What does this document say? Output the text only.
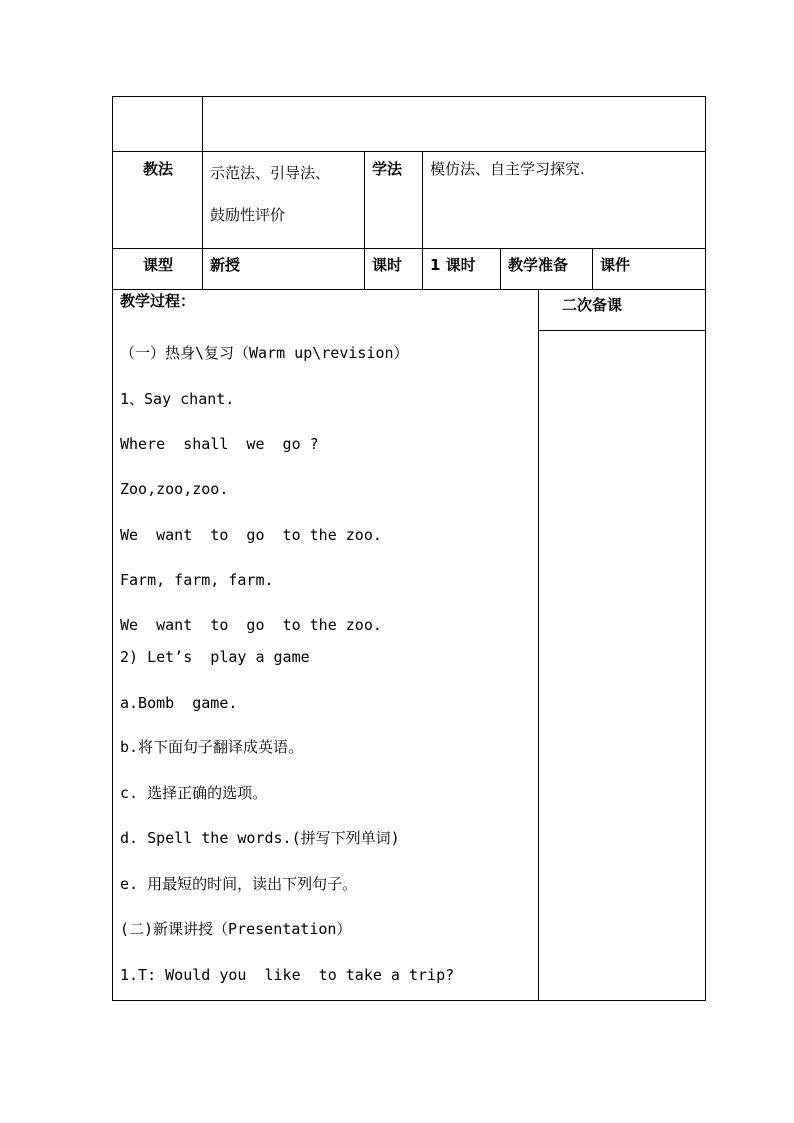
教法 示范法、引导法、
鼓励性评价
学法 模仿法、自主学习探究.
课型 新授	课时 1 课时 教学准备 课件
教学过程：	二次备课
（一）热身\复习（Warm up\revision）
1、Say chant.
Where  shall  we  go ?
Zoo,zoo,zoo.
We  want  to  go  to the zoo.
Farm, farm, farm.
We  want  to  go  to the zoo.
2) Let’s  play a game
a.Bomb  game.
b.将下面句子翻译成英语。
c. 选择正确的选项。
d. Spell the words.(拼写下列单词)
e. 用最短的时间，读出下列句子。
(二)新课讲授（Presentation）
1.T: Would you  like  to take a trip?
